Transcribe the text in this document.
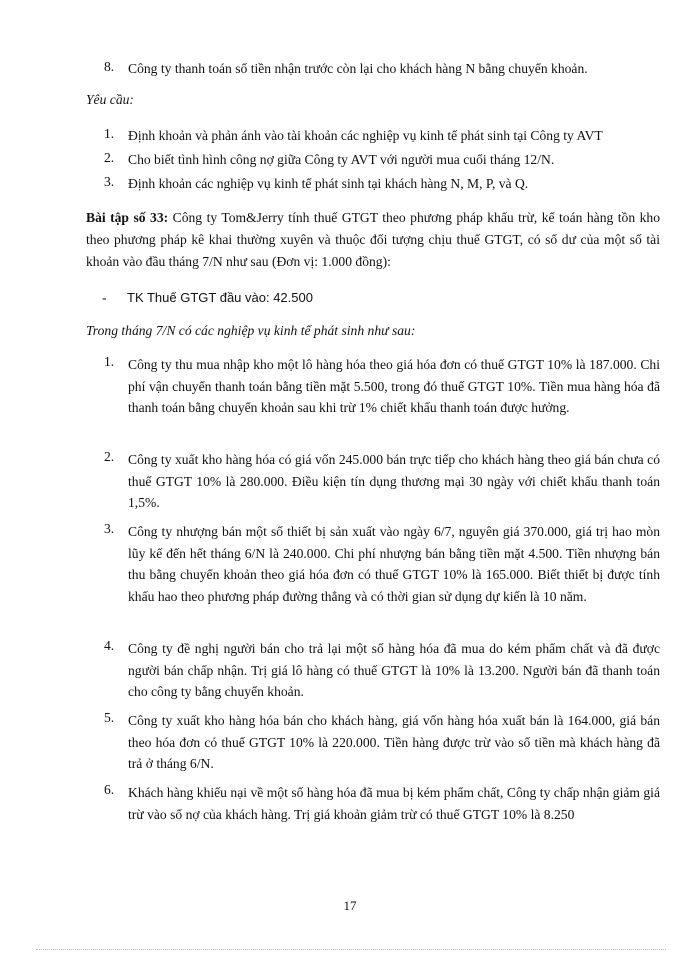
8.	Công ty thanh toán số tiền nhận trước còn lại cho khách hàng N bằng chuyển khoản.
Yêu cầu:
1.	Định khoản và phản ánh vào tài khoản các nghiệp vụ kinh tế phát sinh tại Công ty AVT
2.	Cho biết tình hình công nợ giữa Công ty AVT với người mua cuối tháng 12/N.
3.	Định khoản các nghiệp vụ kinh tế phát sinh tại khách hàng N, M, P, và Q.
Bài tập số 33: Công ty Tom&Jerry tính thuế GTGT theo phương pháp khấu trừ, kế toán hàng tồn kho theo phương pháp kê khai thường xuyên và thuộc đối tượng chịu thuế GTGT, có số dư của một số tài khoản vào đầu tháng 7/N như sau (Đơn vị: 1.000 đồng):
- TK Thuế GTGT đầu vào: 42.500
Trong tháng 7/N có các nghiệp vụ kinh tế phát sinh như sau:
1.	Công ty thu mua nhập kho một lô hàng hóa theo giá hóa đơn có thuế GTGT 10% là 187.000. Chi phí vận chuyển thanh toán bằng tiền mặt 5.500, trong đó thuế GTGT 10%. Tiền mua hàng hóa đã thanh toán bằng chuyển khoản sau khi trừ 1% chiết khấu thanh toán được hưởng.
2.	Công ty xuất kho hàng hóa có giá vốn 245.000 bán trực tiếp cho khách hàng theo giá bán chưa có thuế GTGT 10% là 280.000. Điều kiện tín dụng thương mại 30 ngày với chiết khấu thanh toán 1,5%.
3.	Công ty nhượng bán một số thiết bị sản xuất vào ngày 6/7, nguyên giá 370.000, giá trị hao mòn lũy kế đến hết tháng 6/N là 240.000. Chi phí nhượng bán bằng tiền mặt 4.500. Tiền nhượng bán thu bằng chuyển khoản theo giá hóa đơn có thuế GTGT 10% là 165.000. Biết thiết bị được tính khấu hao theo phương pháp đường thẳng và có thời gian sử dụng dự kiến là 10 năm.
4.	Công ty đề nghị người bán cho trả lại một số hàng hóa đã mua do kém phẩm chất và đã được người bán chấp nhận. Trị giá lô hàng có thuế GTGT là 10% là 13.200. Người bán đã thanh toán cho công ty bằng chuyển khoản.
5.	Công ty xuất kho hàng hóa bán cho khách hàng, giá vốn hàng hóa xuất bán là 164.000, giá bán theo hóa đơn có thuế GTGT 10% là 220.000. Tiền hàng được trừ vào số tiền mà khách hàng đã trả ở tháng 6/N.
6.	Khách hàng khiếu nại về một số hàng hóa đã mua bị kém phẩm chất, Công ty chấp nhận giảm giá trừ vào số nợ của khách hàng. Trị giá khoản giảm trừ có thuế GTGT 10% là 8.250
17
